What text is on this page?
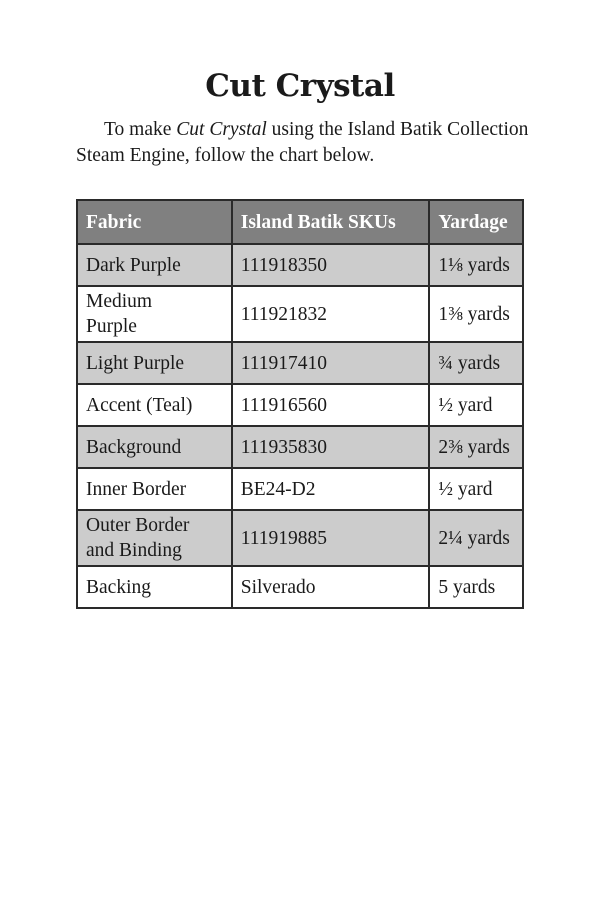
Cut Crystal

To make Cut Crystal using the Island Batik Collection Steam Engine, follow the chart below.

Fabric	Island Batik SKUs	Yardage
Dark Purple	111918350	1⅛ yards
Medium Purple	111921832	1⅜ yards
Light Purple	111917410	¾ yards
Accent (Teal)	111916560	½ yard
Background	111935830	2⅜ yards
Inner Border	BE24-D2	½ yard
Outer Border and Binding	111919885	2¼ yards
Backing	Silverado	5 yards
